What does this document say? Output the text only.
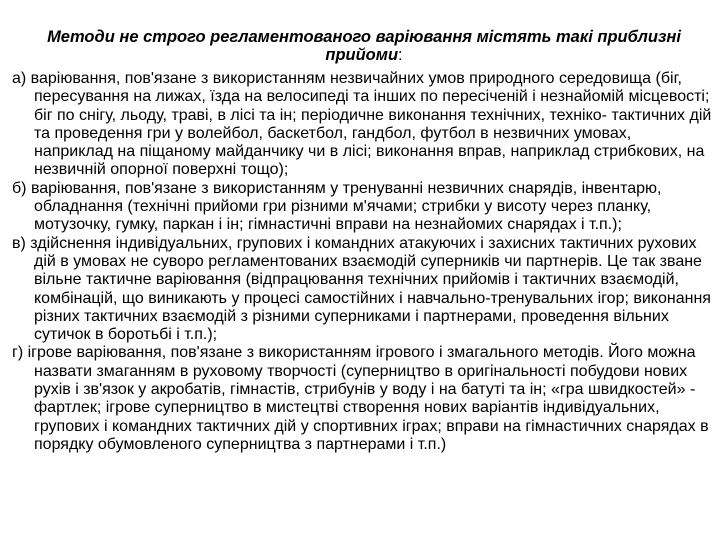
Методи не строго регламентованого варіювання містять такі приблизні прийоми:

а) варіювання, пов'язане з використанням незвичайних умов природного середовища (біг, пересування на лижах, їзда на велосипеді та інших по пересіченій і незнайомій місцевості; біг по снігу, льоду, траві, в лісі та ін; періодичне виконання технічних, техніко- тактичних дій та проведення гри у волейбол, баскетбол, гандбол, футбол в незвичних умовах, наприклад на піщаному майданчику чи в лісі; виконання вправ, наприклад стрибкових, на незвичній опорної поверхні тощо);

б) варіювання, пов'язане з використанням у тренуванні незвичних снарядів, інвентарю, обладнання (технічні прийоми гри різними м'ячами; стрибки у висоту через планку, мотузочку, гумку, паркан і ін; гімнастичні вправи на незнайомих снарядах і т.п.);

в) здійснення індивідуальних, групових і командних атакуючих і захисних тактичних рухових дій в умовах не суворо регламентованих взаємодій суперників чи партнерів. Це так зване вільне тактичне варіювання (відпрацювання технічних прийомів і тактичних взаємодій, комбінацій, що виникають у процесі самостійних і навчально-тренувальних ігор; виконання різних тактичних взаємодій з різними суперниками і партнерами, проведення вільних сутичок в боротьбі і т.п.);

г) ігрове варіювання, пов'язане з використанням ігрового і змагального методів. Його можна назвати змаганням в руховому творчості (суперництво в оригінальності побудови нових рухів і зв'язок у акробатів, гімнастів, стрибунів у воду і на батуті та ін; «гра швидкостей» - фартлек; ігрове суперництво в мистецтві створення нових варіантів індивідуальних, групових і командних тактичних дій у спортивних іграх; вправи на гімнастичних снарядах в порядку обумовленого суперництва з партнерами і т.п.)
